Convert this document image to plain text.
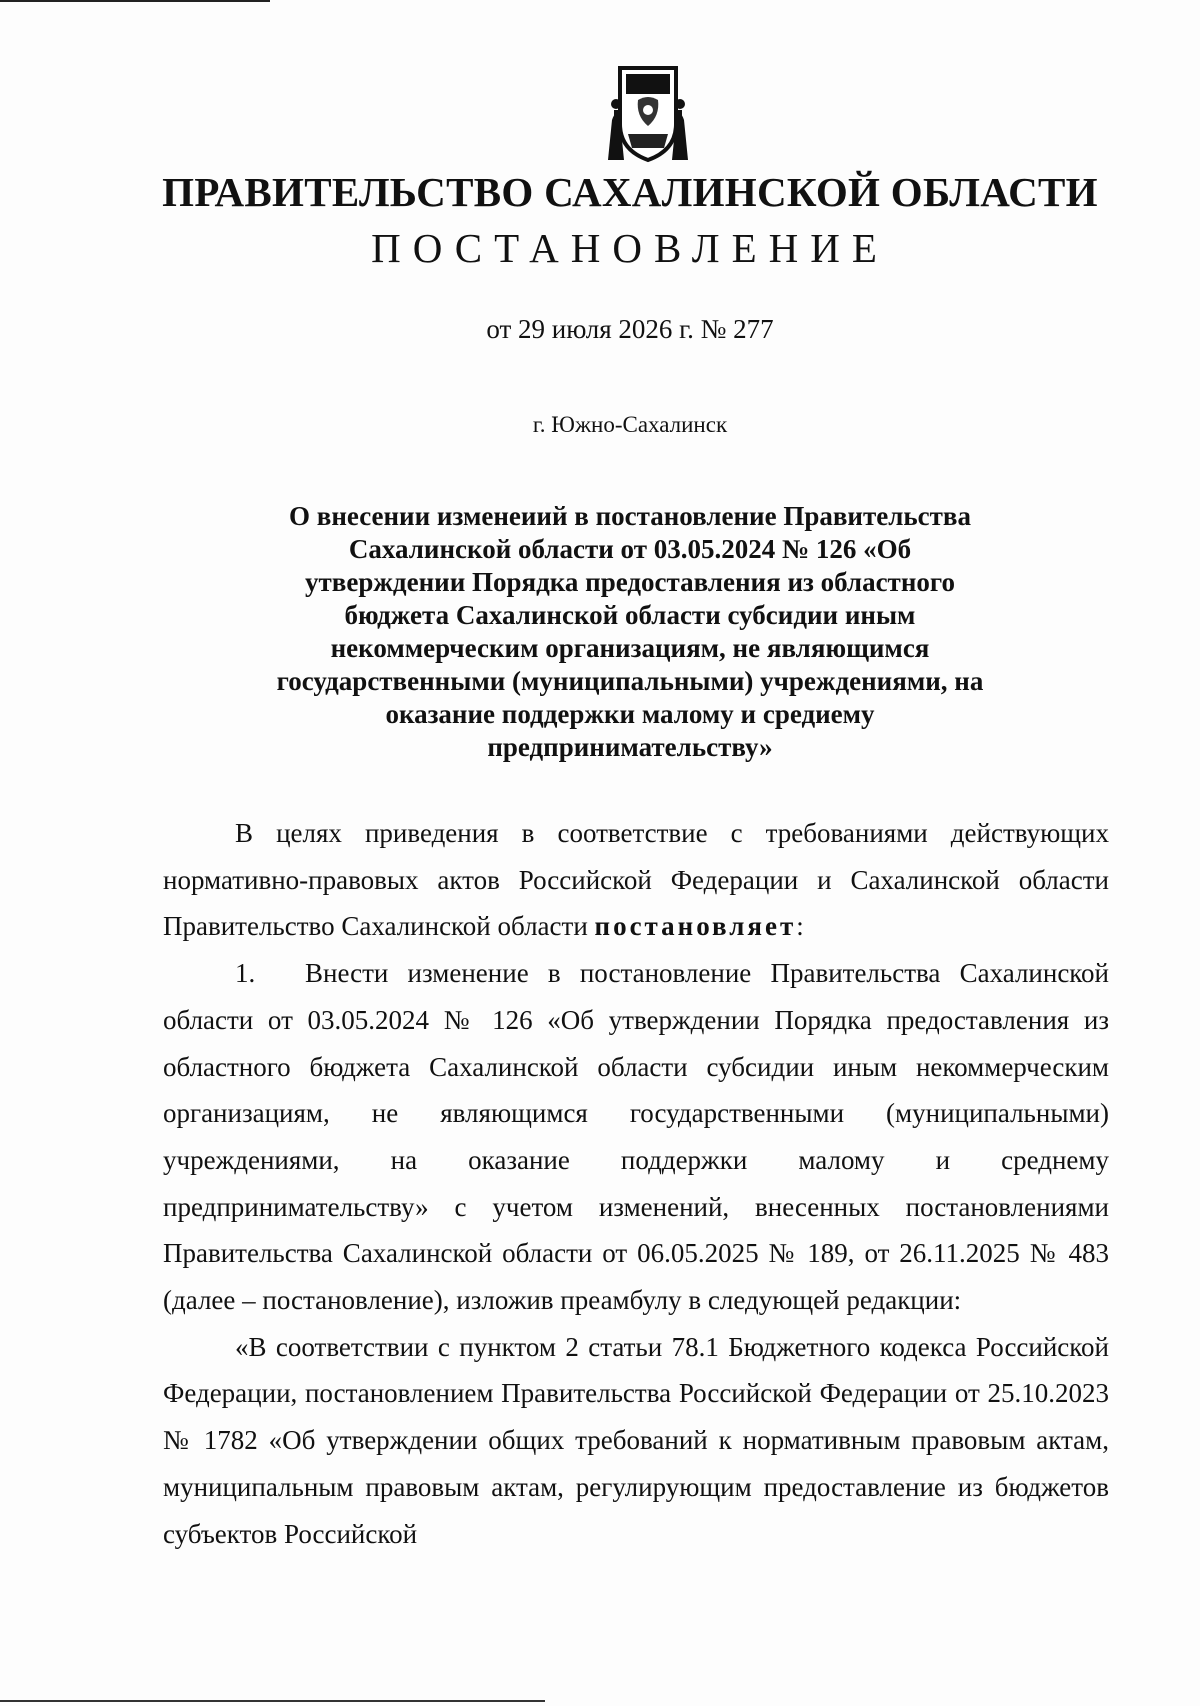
ПРАВИТЕЛЬСТВО САХАЛИНСКОЙ ОБЛАСТИ
ПОСТАНОВЛЕНИЕ
от 29 июля 2026 г. № 277
г. Южно-Сахалинск
О внесении изменеиий в постановление Правительства Сахалинской области от 03.05.2024 № 126 «Об утверждении Порядка предоставления из областного бюджета Сахалинской области субсидии иным некоммерческим организациям, не являющимся государственными (муниципальными) учреждениями, на оказание поддержки малому и средиему предпринимательству»

В целях приведения в соответствие с требованиями действующих нормативно-правовых актов Российской Федерации и Сахалинской области Правительство Сахалинской области постановляет:

1. Внести изменение в постановление Правительства Сахалинской области от 03.05.2024 № 126 «Об утверждении Порядка предоставления из областного бюджета Сахалинской области субсидии иным некоммерческим организациям, не являющимся государственными (муниципальными) учреждениями, на оказание поддержки малому и среднему предпринимательству» с учетом изменений, внесенных постановлениями Правительства Сахалинской области от 06.05.2025 № 189, от 26.11.2025 № 483 (далее – постановление), изложив преамбулу в следующей редакции:

«В соответствии с пунктом 2 статьи 78.1 Бюджетного кодекса Российской Федерации, постановлением Правительства Российской Федерации от 25.10.2023 № 1782 «Об утверждении общих требований к нормативным правовым актам, муниципальным правовым актам, регулирующим предоставление из бюджетов субъектов Российской
